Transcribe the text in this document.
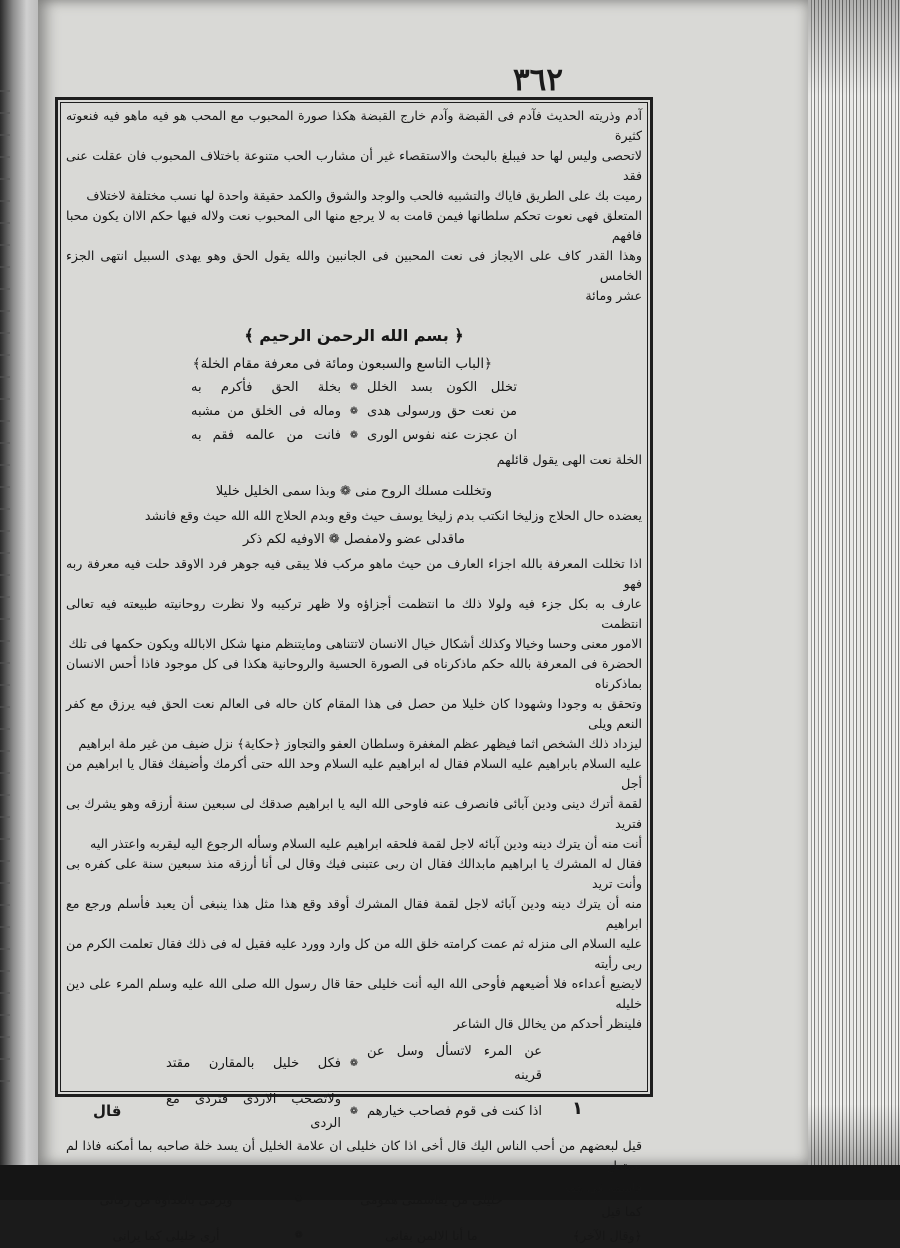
٣٦٢

آدم وذريته الحديث فآدم فى القبضة وآدم خارج القبضة هكذا صورة المحبوب مع المحب هو فيه ماهو فيه فنعوته كثيرة

لاتحصى وليس لها حد فيبلغ بالبحث والاستقصاء غير أن مشارب الحب متنوعة باختلاف المحبوب فان عقلت عنى فقد

رميت بك على الطريق فاياك والتشبيه فالحب والوجد والشوق والكمد حقيقة واحدة لها نسب مختلفة لاختلاف

المتعلق فهى نعوت تحكم سلطانها فيمن قامت به لا يرجع منها الى المحبوب نعت ولاله فيها حكم الاان يكون محبا فافهم

وهذا القدر كاف على الايجاز فى نعت المحبين فى الجانبين والله يقول الحق وهو يهدى السبيل انتهى الجزء الخامس

عشر ومائة

﴿ بسم الله الرحمن الرحيم ﴾
﴿الباب التاسع والسبعون ومائة فى معرفة مقام الخلة﴾
تخلل الكون بسد الخلل
❁
بخلة الحق فأكرم به
من نعت حق ورسولى هدى
❁
وماله فى الخلق من مشبه
ان عجزت عنه نفوس الورى
❁
فانت من عالمه فقم به
الخلة نعت الهى يقول قائلهم
وتخللت مسلك الروح منى ❁ وبذا سمى الخليل خليلا
يعضده حال الحلاج وزليخا انكتب بدم زليخا يوسف حيث وقع وبدم الحلاج الله الله حيث وقع فانشد
ماقدلى عضو ولامفصل ❁ الاوفيه لكم ذكر

اذا تخللت المعرفة بالله اجزاء العارف من حيث ماهو مركب فلا يبقى فيه جوهر فرد الاوقد حلت فيه معرفة ربه فهو

عارف به بكل جزء فيه ولولا ذلك ما انتظمت أجزاؤه ولا ظهر تركيبه ولا نظرت روحانيته طبيعته فيه تعالى انتظمت

الامور معنى وحسا وخيالا وكذلك أشكال خيال الانسان لاتتناهى ومايتنظم منها شكل الابالله ويكون حكمها فى تلك

الحضرة فى المعرفة بالله حكم ماذكرناه فى الصورة الحسية والروحانية هكذا فى كل موجود فاذا أحس الانسان بماذكرناه

وتحقق به وجودا وشهودا كان خليلا من حصل فى هذا المقام كان حاله فى العالم نعت الحق فيه يرزق مع كفر النعم ويلى

ليزداد ذلك الشخص اثما فيظهر عظم المغفرة وسلطان العفو والتجاوز ﴿حكاية﴾ نزل ضيف من غير ملة ابراهيم

عليه السلام بابراهيم عليه السلام فقال له ابراهيم عليه السلام وحد الله حتى أكرمك وأضيفك فقال يا ابراهيم من أجل

لقمة أترك دينى ودين آبائى فانصرف عنه فاوحى الله اليه يا ابراهيم صدقك لى سبعين سنة أرزقه وهو يشرك بى فتريد

أنت منه أن يترك دينه ودين آبائه لاجل لقمة فلحقه ابراهيم عليه السلام وسأله الرجوع اليه ليقربه واعتذر اليه

فقال له المشرك يا ابراهيم مابدالك فقال ان ربى عتبنى فيك وقال لى أنا أرزقه منذ سبعين سنة على كفره بى وأنت تريد

منه أن يترك دينه ودين آبائه لاجل لقمة فقال المشرك أوقد وقع هذا مثل هذا ينبغى أن يعبد فأسلم ورجع مع ابراهيم

عليه السلام الى منزله ثم عمت كرامته خلق الله من كل وارد وورد عليه فقيل له فى ذلك فقال تعلمت الكرم من ربى رأيته

لايضيع أعداءه فلا أضيعهم فأوحى الله اليه أنت خليلى حقا قال رسول الله صلى الله عليه وسلم المرء على دين خليله

فلينظر أحدكم من يخالل قال الشاعر

عن المرء لاتسأل وسل عن قرينه
❁
فكل خليل بالمقارن مقتد
اذا كنت فى قوم فصاحب خيارهم
❁
ولاتصحب الاردى فتردى مع الردى

قيل لبعضهم من أحب الناس اليك قال أخى اذا كان خليلى ان علامة الخليل أن يسد خلة صاحبه بما أمكنه فاذا لم يستطع

قاسمه فى همه كما قيل
خليلى من يقاسمنى همومى
❁
ويرمى بالعداوة من رمانى
﴿وقال الآخر﴾
ما أنا الالمن بفانى
❁
أرى خليلى كما يرانى
قال	١
